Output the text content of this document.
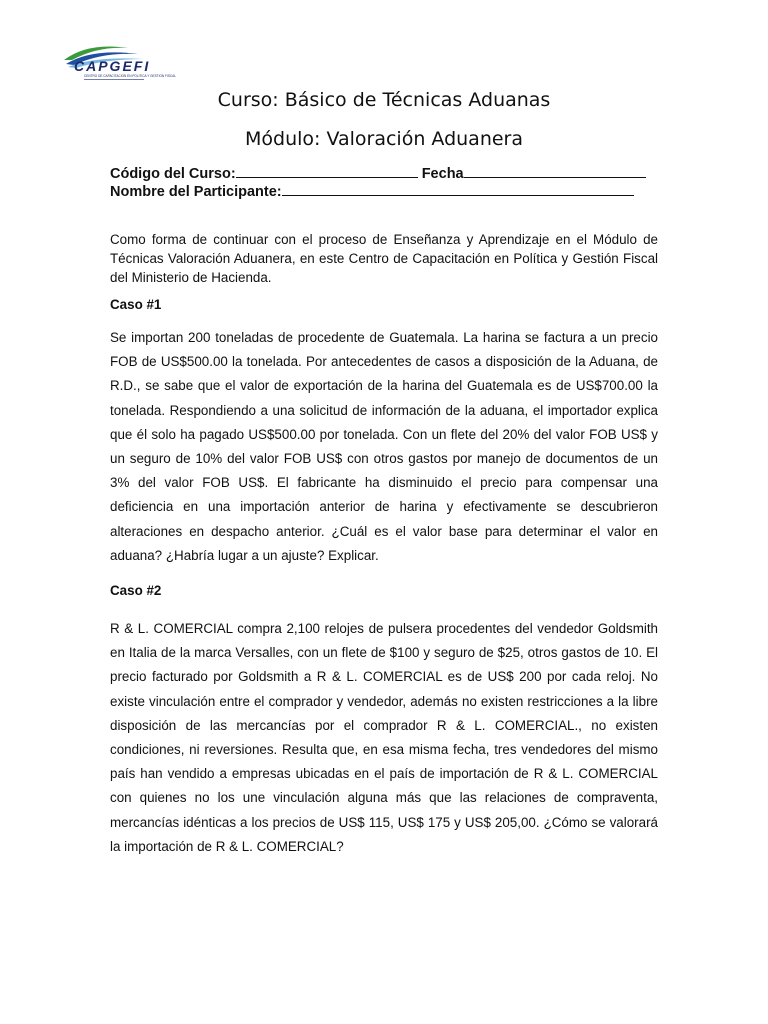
CAPGEFI
CENTRO DE CAPACITACION EN POLITICA Y GESTION FISCAL
Curso: Básico de Técnicas Aduanas
Módulo: Valoración Aduanera
Código del Curso:	Fecha
Nombre del Participante:
Como forma de continuar con el proceso de Enseñanza y Aprendizaje en el Módulo de Técnicas Valoración Aduanera, en este Centro de Capacitación en Política y Gestión Fiscal del Ministerio de Hacienda.
Caso #1
Se importan 200 toneladas de procedente de Guatemala. La harina se factura a un precio FOB de US$500.00 la tonelada. Por antecedentes de casos a disposición de la Aduana, de R.D., se sabe que el valor de exportación de la harina del Guatemala es de US$700.00 la tonelada. Respondiendo a una solicitud de información de la aduana, el importador explica que él solo ha pagado US$500.00 por tonelada. Con un flete del 20% del valor FOB US$ y un seguro de 10% del valor FOB US$ con otros gastos por manejo de documentos de un 3% del valor FOB US$. El fabricante ha disminuido el precio para compensar una deficiencia en una importación anterior de harina y efectivamente se descubrieron alteraciones en despacho anterior. ¿Cuál es el valor base para determinar el valor en aduana? ¿Habría lugar a un ajuste? Explicar.
Caso #2
R & L. COMERCIAL compra 2,100 relojes de pulsera procedentes del vendedor Goldsmith en Italia de la marca Versalles, con un flete de $100 y seguro de $25, otros gastos de 10. El precio facturado por Goldsmith a R & L. COMERCIAL es de US$ 200 por cada reloj. No existe vinculación entre el comprador y vendedor, además no existen restricciones a la libre disposición de las mercancías por el comprador R & L. COMERCIAL., no existen condiciones, ni reversiones. Resulta que, en esa misma fecha, tres vendedores del mismo país han vendido a empresas ubicadas en el país de importación de R & L. COMERCIAL con quienes no los une vinculación alguna más que las relaciones de compraventa, mercancías idénticas a los precios de US$ 115, US$ 175 y US$ 205,00. ¿Cómo se valorará la importación de R & L. COMERCIAL?
